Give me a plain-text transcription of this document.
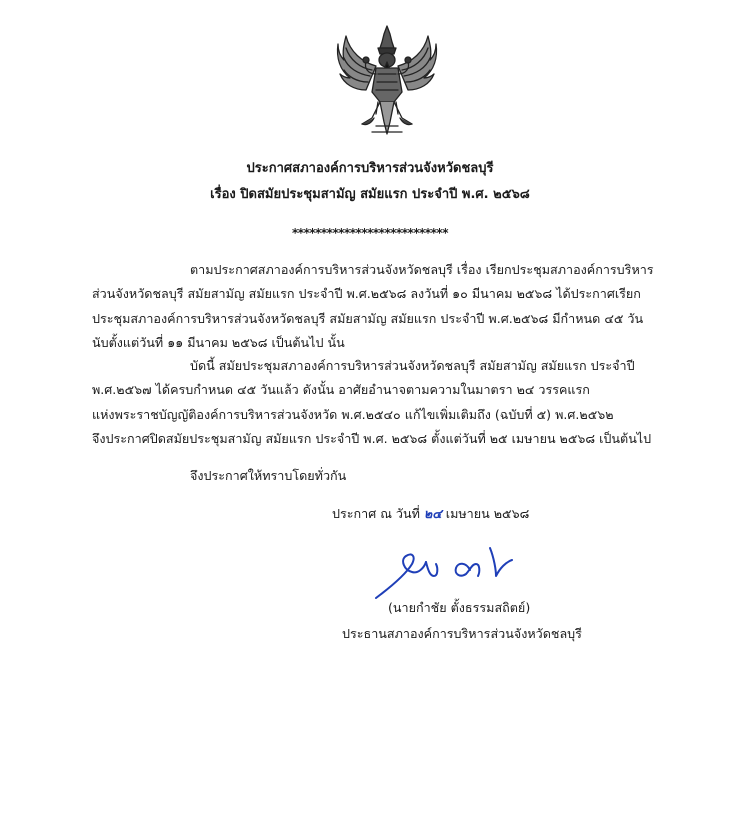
ประกาศสภาองค์การบริหารส่วนจังหวัดชลบุรี
เรื่อง ปิดสมัยประชุมสามัญ สมัยแรก ประจำปี พ.ศ. ๒๕๖๘
***************************
ตามประกาศสภาองค์การบริหารส่วนจังหวัดชลบุรี เรื่อง เรียกประชุมสภาองค์การบริหาร
ส่วนจังหวัดชลบุรี สมัยสามัญ สมัยแรก ประจำปี พ.ศ.๒๕๖๘ ลงวันที่ ๑๐ มีนาคม ๒๕๖๘ ได้ประกาศเรียก
ประชุมสภาองค์การบริหารส่วนจังหวัดชลบุรี สมัยสามัญ สมัยแรก ประจำปี พ.ศ.๒๕๖๘ มีกำหนด ๔๕ วัน
นับตั้งแต่วันที่ ๑๑ มีนาคม ๒๕๖๘ เป็นต้นไป นั้น
บัดนี้ สมัยประชุมสภาองค์การบริหารส่วนจังหวัดชลบุรี สมัยสามัญ สมัยแรก ประจำปี
พ.ศ.๒๕๖๗ ได้ครบกำหนด ๔๕ วันแล้ว ดังนั้น อาศัยอำนาจตามความในมาตรา ๒๔ วรรคแรก
แห่งพระราชบัญญัติองค์การบริหารส่วนจังหวัด พ.ศ.๒๕๔๐ แก้ไขเพิ่มเติมถึง (ฉบับที่ ๕) พ.ศ.๒๕๖๒
จึงประกาศปิดสมัยประชุมสามัญ สมัยแรก ประจำปี พ.ศ. ๒๕๖๘ ตั้งแต่วันที่ ๒๕ เมษายน ๒๕๖๘ เป็นต้นไป
จึงประกาศให้ทราบโดยทั่วกัน
ประกาศ ณ วันที่ ๒๔ เมษายน ๒๕๖๘
(นายกำชัย ตั้งธรรมสถิตย์)
ประธานสภาองค์การบริหารส่วนจังหวัดชลบุรี
